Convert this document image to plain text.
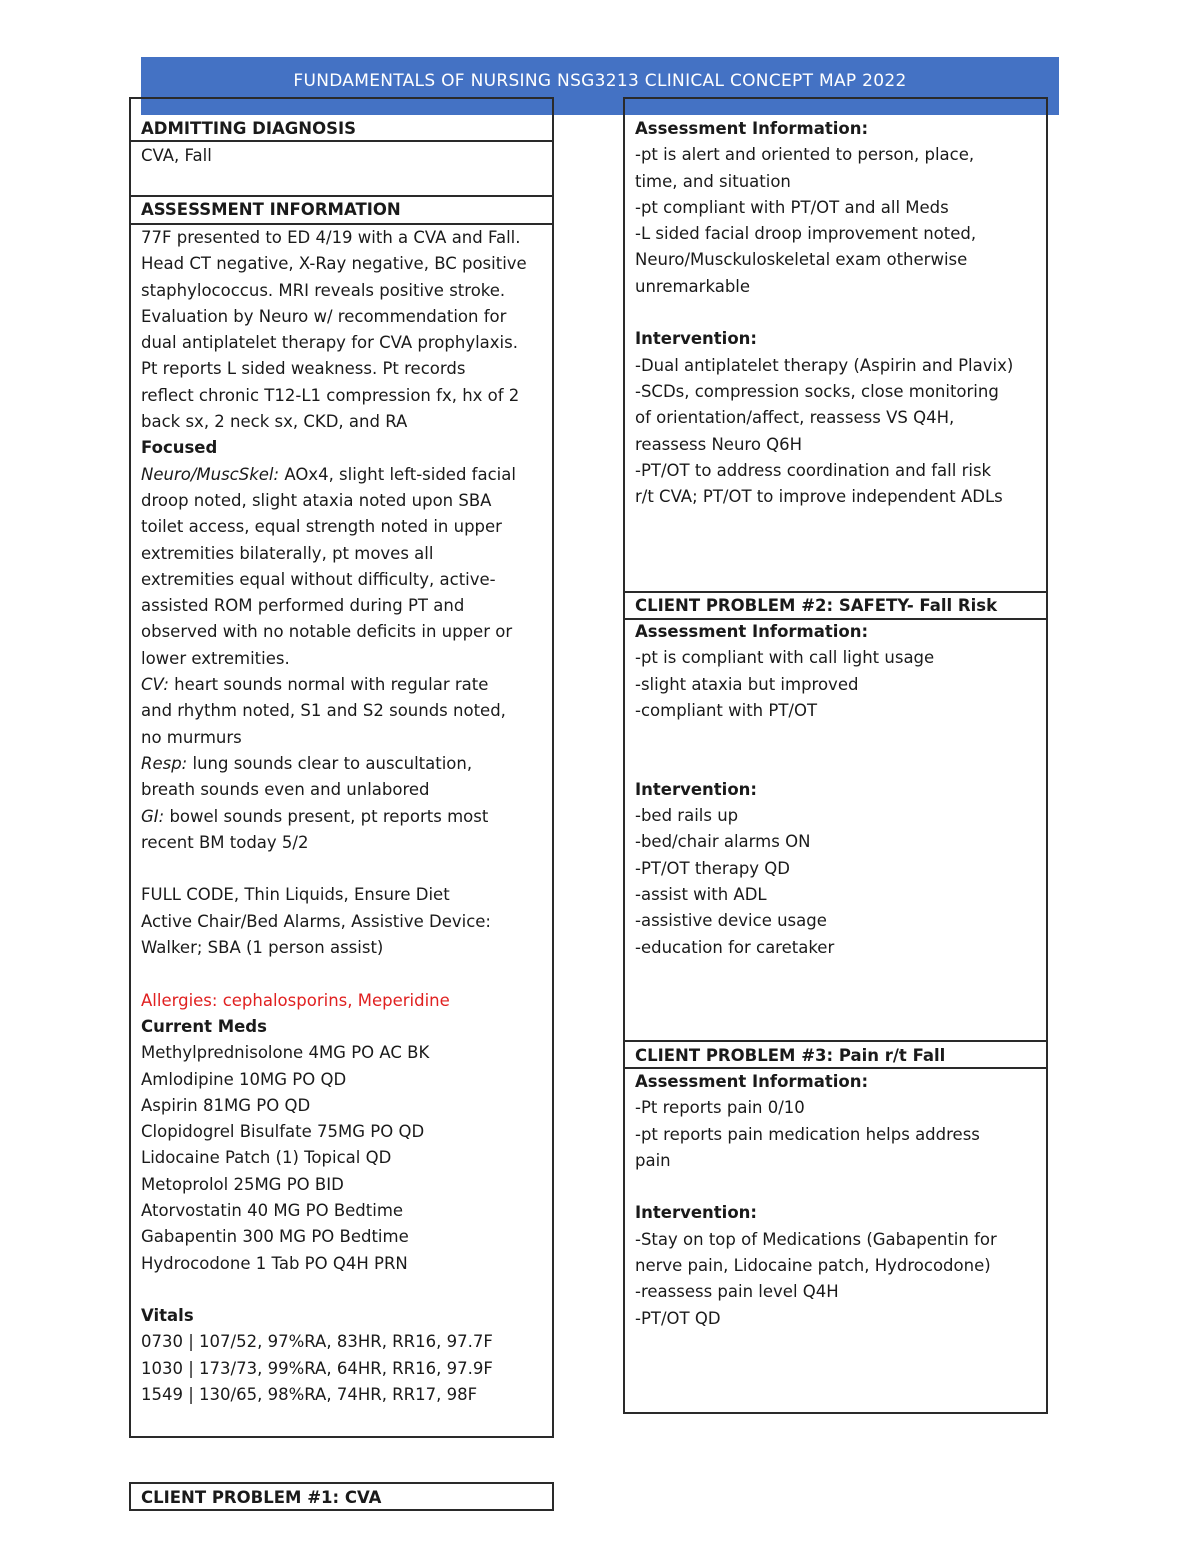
FUNDAMENTALS OF NURSING NSG3213 CLINICAL CONCEPT MAP 2022
ADMITTING DIAGNOSIS
CVA, Fall
ASSESSMENT INFORMATION
77F presented to ED 4/19 with a CVA and Fall.
Head CT negative, X-Ray negative, BC positive
staphylococcus. MRI reveals positive stroke.
Evaluation by Neuro w/ recommendation for
dual antiplatelet therapy for CVA prophylaxis.
Pt reports L sided weakness. Pt records
reflect chronic T12-L1 compression fx, hx of 2
back sx, 2 neck sx, CKD, and RA
Focused
Neuro/MuscSkel: AOx4, slight left-sided facial
droop noted, slight ataxia noted upon SBA
toilet access, equal strength noted in upper
extremities bilaterally, pt moves all
extremities equal without difficulty, active-
assisted ROM performed during PT and
observed with no notable deficits in upper or
lower extremities.
CV: heart sounds normal with regular rate
and rhythm noted, S1 and S2 sounds noted,
no murmurs
Resp: lung sounds clear to auscultation,
breath sounds even and unlabored
GI: bowel sounds present, pt reports most
recent BM today 5/2
FULL CODE, Thin Liquids, Ensure Diet
Active Chair/Bed Alarms, Assistive Device:
Walker; SBA (1 person assist)
Allergies: cephalosporins, Meperidine
Current Meds
Methylprednisolone 4MG PO AC BK
Amlodipine 10MG PO QD
Aspirin 81MG PO QD
Clopidogrel Bisulfate 75MG PO QD
Lidocaine Patch (1) Topical QD
Metoprolol 25MG PO BID
Atorvostatin 40 MG PO Bedtime
Gabapentin 300 MG PO Bedtime
Hydrocodone 1 Tab PO Q4H PRN
Vitals
0730 | 107/52, 97%RA, 83HR, RR16, 97.7F
1030 | 173/73, 99%RA, 64HR, RR16, 97.9F
1549 | 130/65, 98%RA, 74HR, RR17, 98F
CLIENT PROBLEM #1: CVA
Assessment Information:
-pt is alert and oriented to person, place,
time, and situation
-pt compliant with PT/OT and all Meds
-L sided facial droop improvement noted,
Neuro/Musckuloskeletal exam otherwise
unremarkable
Intervention:
-Dual antiplatelet therapy (Aspirin and Plavix)
-SCDs, compression socks, close monitoring
of orientation/affect, reassess VS Q4H,
reassess Neuro Q6H
-PT/OT to address coordination and fall risk
r/t CVA; PT/OT to improve independent ADLs
CLIENT PROBLEM #2: SAFETY- Fall Risk
Assessment Information:
-pt is compliant with call light usage
-slight ataxia but improved
-compliant with PT/OT
Intervention:
-bed rails up
-bed/chair alarms ON
-PT/OT therapy QD
-assist with ADL
-assistive device usage
-education for caretaker
CLIENT PROBLEM #3: Pain r/t Fall
Assessment Information:
-Pt reports pain 0/10
-pt reports pain medication helps address
pain
Intervention:
-Stay on top of Medications (Gabapentin for
nerve pain, Lidocaine patch, Hydrocodone)
-reassess pain level Q4H
-PT/OT QD
